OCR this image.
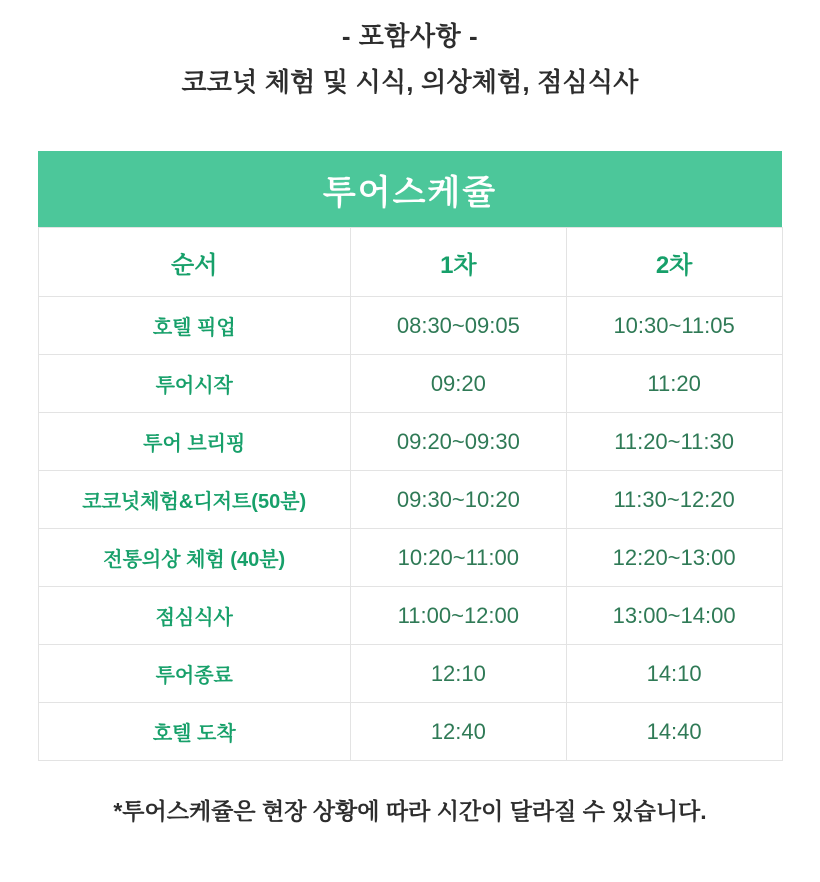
- 포함사항 -
코코넛 체험 및 시식, 의상체험, 점심식사
투어스케쥴		
순서	1차	2차
호텔 픽업	08:30~09:05	10:30~11:05
투어시작	09:20	11:20
투어 브리핑	09:20~09:30	11:20~11:30
코코넛체험&디저트(50분)	09:30~10:20	11:30~12:20
전통의상 체험 (40분)	10:20~11:00	12:20~13:00
점심식사	11:00~12:00	13:00~14:00
투어종료	12:10	14:10
호텔 도착	12:40	14:40
*투어스케쥴은 현장 상황에 따라 시간이 달라질 수 있습니다.
